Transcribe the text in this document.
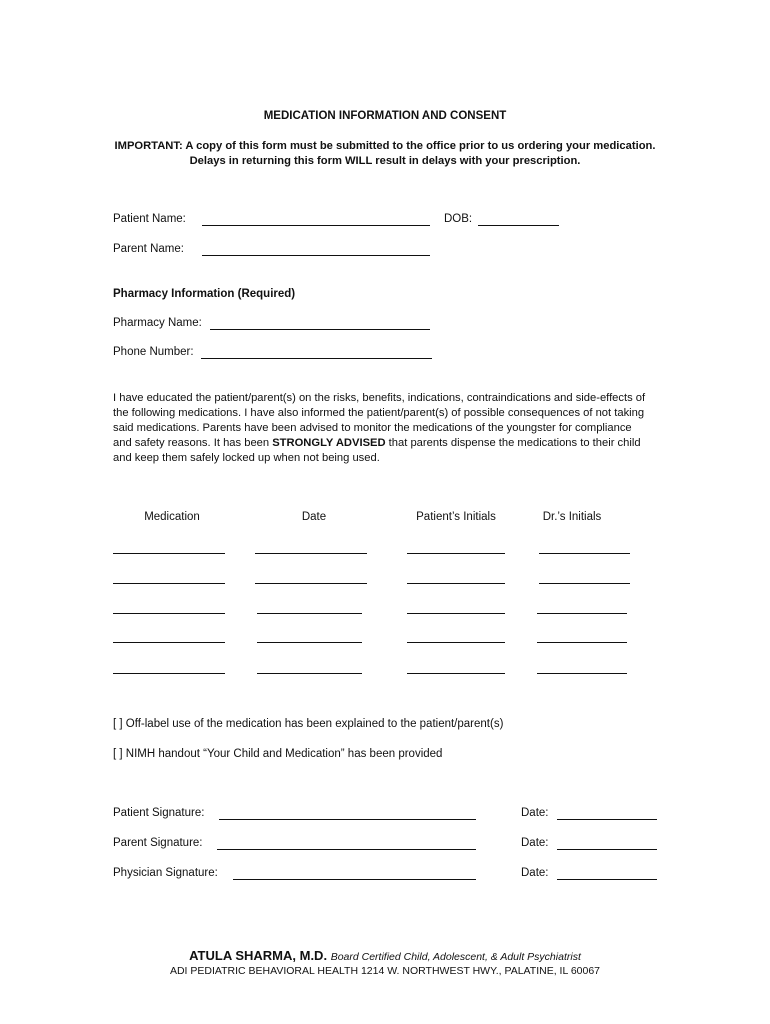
MEDICATION INFORMATION AND CONSENT
IMPORTANT: A copy of this form must be submitted to the office prior to us ordering your medication. Delays in returning this form WILL result in delays with your prescription.
Patient Name:	DOB:
Parent Name:
Pharmacy Information (Required)
Pharmacy Name:
Phone Number:
I have educated the patient/parent(s) on the risks, benefits, indications, contraindications and side-effects of the following medications. I have also informed the patient/parent(s) of possible consequences of not taking said medications. Parents have been advised to monitor the medications of the youngster for compliance and safety reasons. It has been STRONGLY ADVISED that parents dispense the medications to their child and keep them safely locked up when not being used.
Medication	Date	Patient’s Initials	Dr.’s Initials
[ ] Off-label use of the medication has been explained to the patient/parent(s)
[ ] NIMH handout “Your Child and Medication” has been provided
Patient Signature:	Date:
Parent Signature:	Date:
Physician Signature:	Date:
ATULA SHARMA, M.D. Board Certified Child, Adolescent, & Adult Psychiatrist
ADI PEDIATRIC BEHAVIORAL HEALTH 1214 W. NORTHWEST HWY., PALATINE, IL 60067
